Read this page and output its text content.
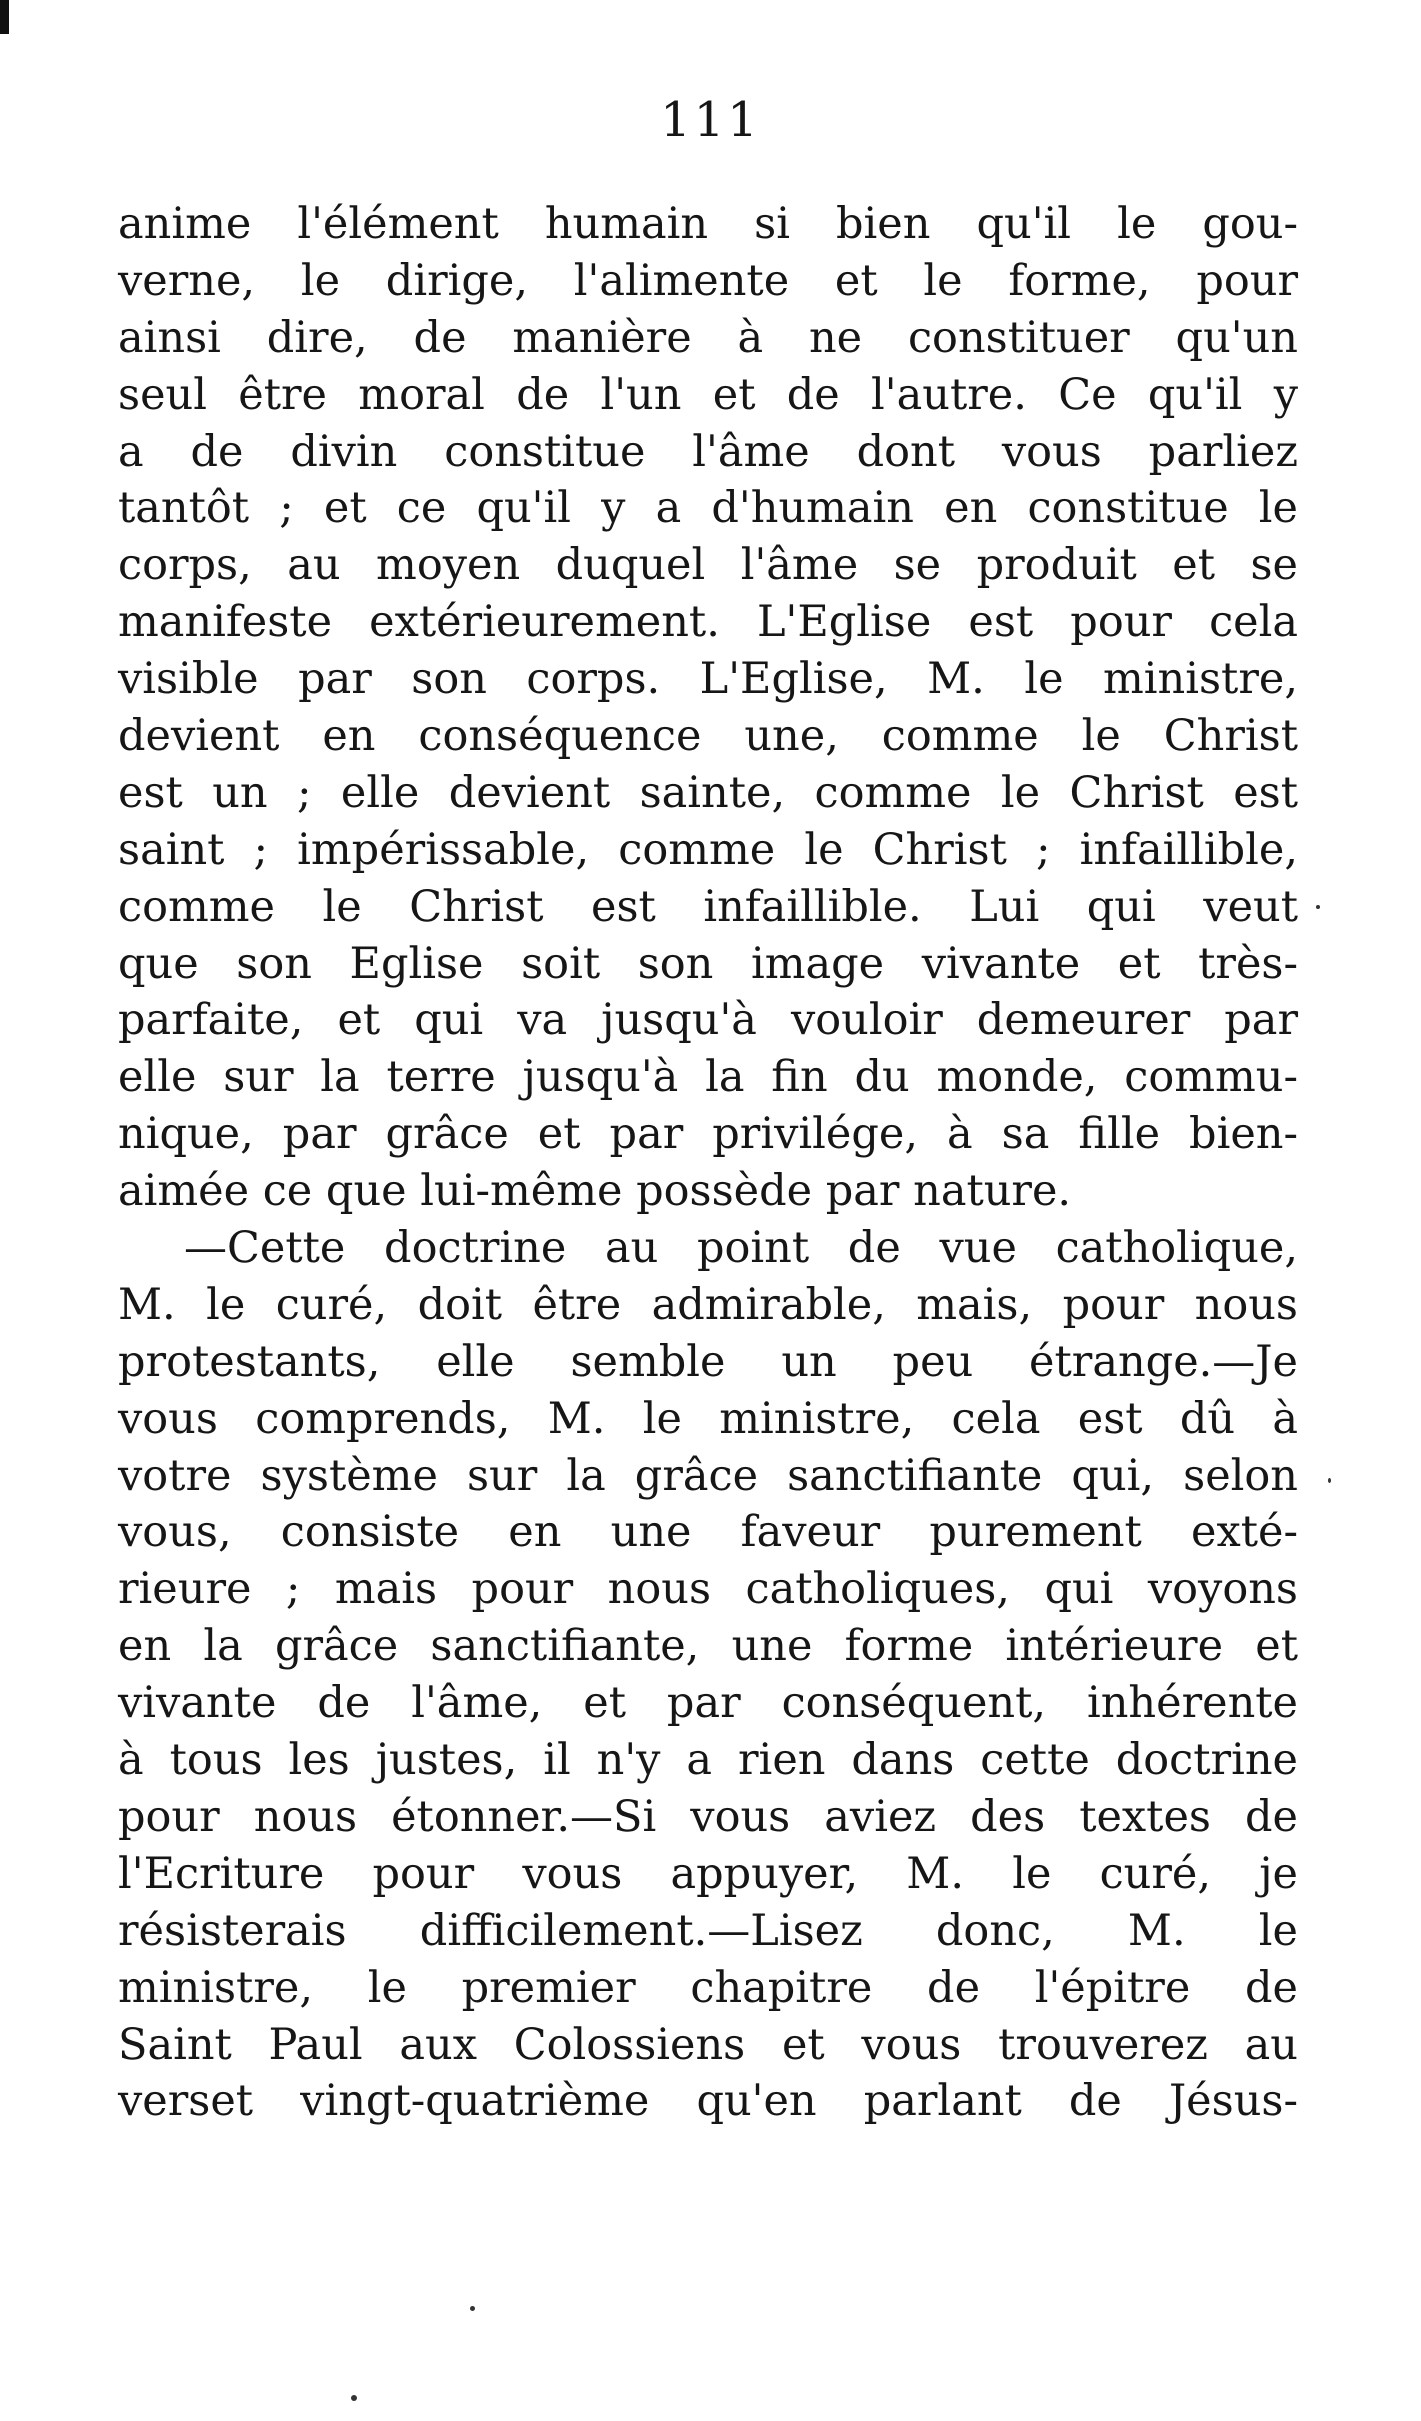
111
anime l'élément humain si bien qu'il le gou-
verne, le dirige, l'alimente et le forme, pour
ainsi dire, de manière à ne constituer qu'un
seul être moral de l'un et de l'autre. Ce qu'il y
a de divin constitue l'âme dont vous parliez
tantôt ; et ce qu'il y a d'humain en constitue le
corps, au moyen duquel l'âme se produit et se
manifeste extérieurement. L'Eglise est pour cela
visible par son corps. L'Eglise, M. le ministre,
devient en conséquence une, comme le Christ
est un ; elle devient sainte, comme le Christ est
saint ; impérissable, comme le Christ ; infaillible,
comme le Christ est infaillible. Lui qui veut
que son Eglise soit son image vivante et très-
parfaite, et qui va jusqu'à vouloir demeurer par
elle sur la terre jusqu'à la fin du monde, commu-
nique, par grâce et par privilége, à sa fille bien-
aimée ce que lui-même possède par nature.
—Cette doctrine au point de vue catholique,
M. le curé, doit être admirable, mais, pour nous
protestants, elle semble un peu étrange.—Je
vous comprends, M. le ministre, cela est dû à
votre système sur la grâce sanctifiante qui, selon
vous, consiste en une faveur purement exté-
rieure ; mais pour nous catholiques, qui voyons
en la grâce sanctifiante, une forme intérieure et
vivante de l'âme, et par conséquent, inhérente
à tous les justes, il n'y a rien dans cette doctrine
pour nous étonner.—Si vous aviez des textes de
l'Ecriture pour vous appuyer, M. le curé, je
résisterais difficilement.—Lisez donc, M. le
ministre, le premier chapitre de l'épitre de
Saint Paul aux Colossiens et vous trouverez au
verset vingt-quatrième qu'en parlant de Jésus-
